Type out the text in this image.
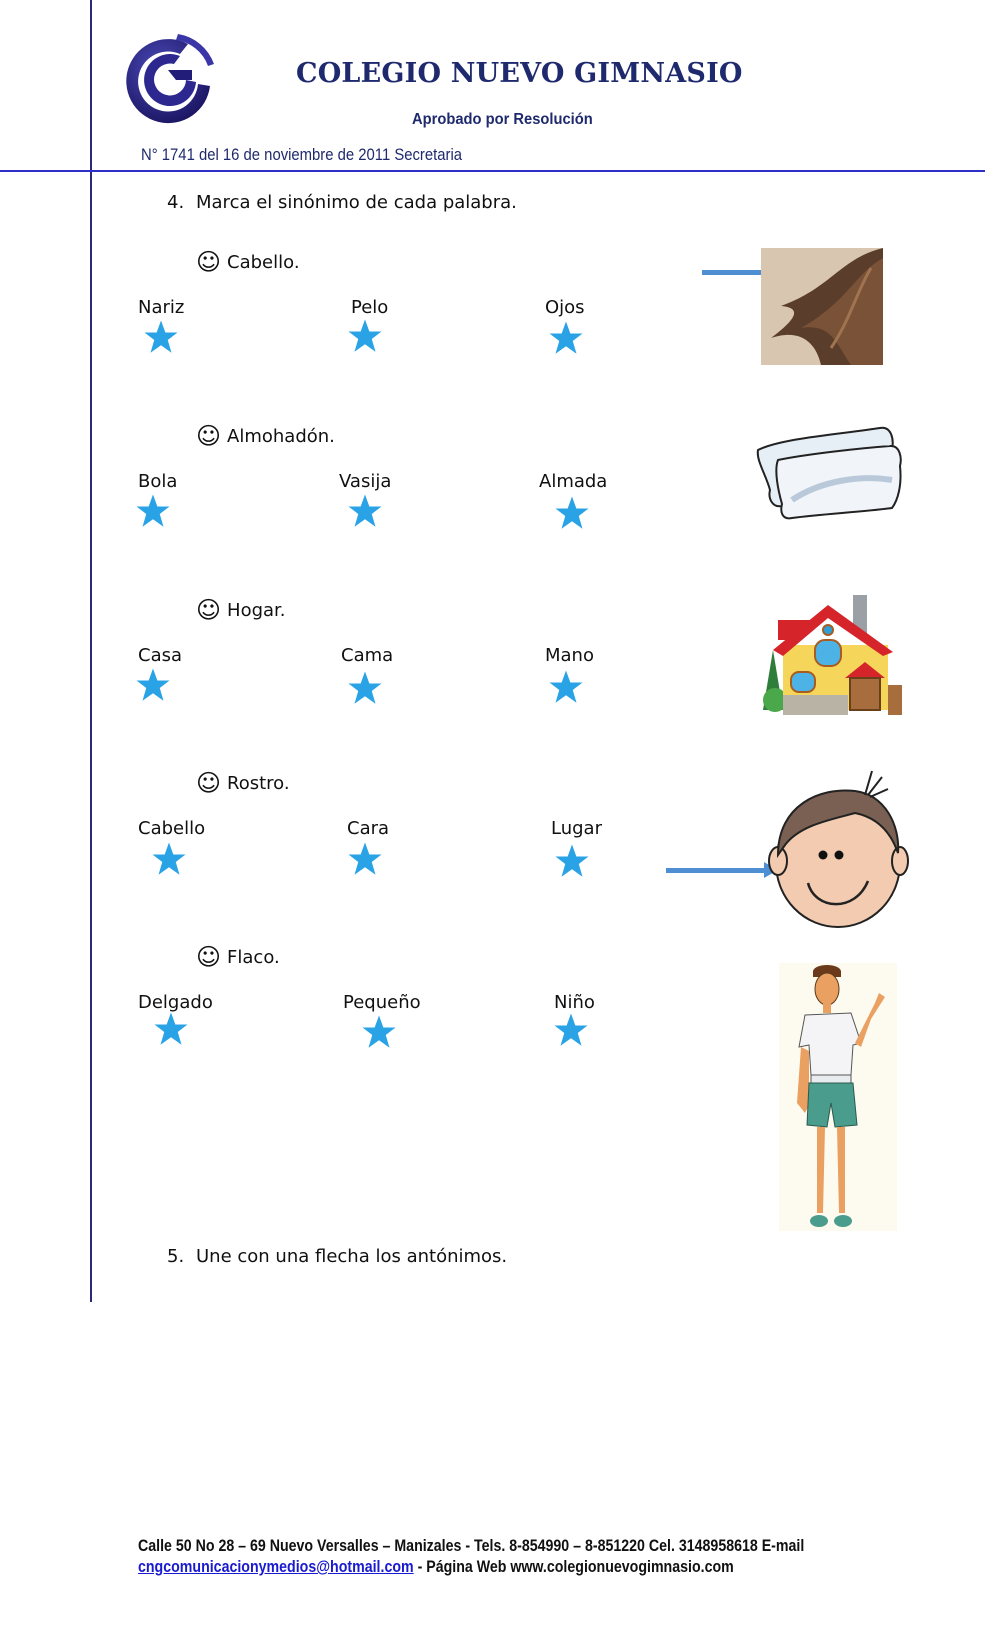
COLEGIO NUEVO GIMNASIO
Aprobado por Resolución
N° 1741 del 16 de noviembre de 2011 Secretaria
4. Marca el sinónimo de cada palabra.
☺ Cabello.
Nariz	Pelo	Ojos
☺ Almohadón.
Bola	Vasija	Almada
☺ Hogar.
Casa	Cama	Mano
☺ Rostro.
Cabello	Cara	Lugar
☺ Flaco.
Delgado	Pequeño	Niño
5. Une con una flecha los antónimos.
Calle 50 No 28 – 69 Nuevo Versalles – Manizales - Tels. 8-854990 – 8-851220 Cel. 3148958618 E-mail
cngcomunicacionymedios@hotmail.com - Página Web www.colegionuevogimnasio.com
